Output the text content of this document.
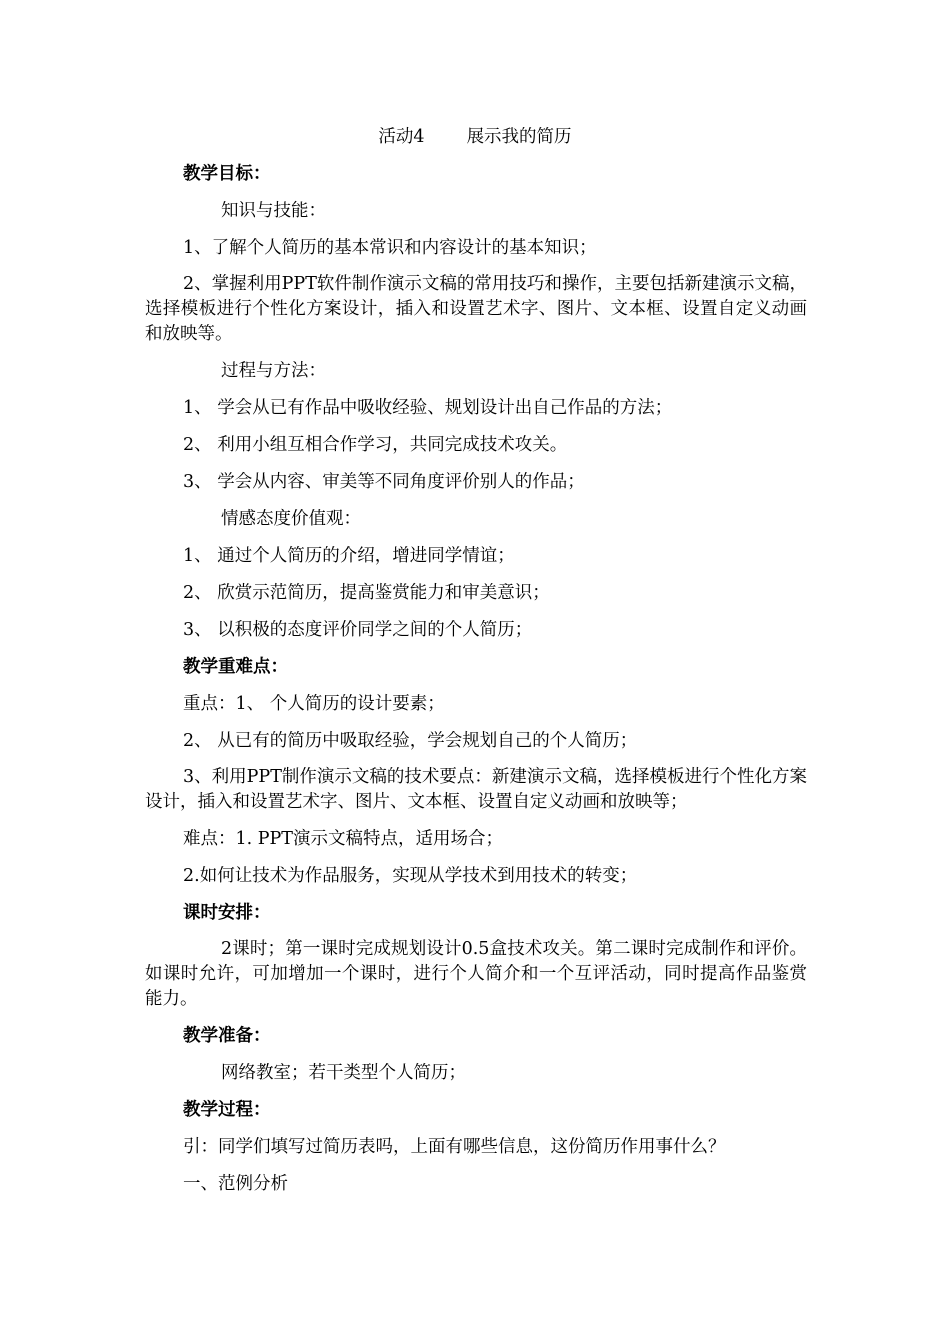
活动4 展示我的简历
教学目标：
知识与技能：
1、了解个人简历的基本常识和内容设计的基本知识；
2、掌握利用PPT软件制作演示文稿的常用技巧和操作，主要包括新建演示文稿，选择模板进行个性化方案设计，插入和设置艺术字、图片、文本框、设置自定义动画和放映等。
过程与方法：
1、 学会从已有作品中吸收经验、规划设计出自己作品的方法；
2、 利用小组互相合作学习，共同完成技术攻关。
3、 学会从内容、审美等不同角度评价别人的作品；
情感态度价值观：
1、 通过个人简历的介绍，增进同学情谊；
2、 欣赏示范简历，提高鉴赏能力和审美意识；
3、 以积极的态度评价同学之间的个人简历；
教学重难点：
重点：1、 个人简历的设计要素；
2、 从已有的简历中吸取经验，学会规划自己的个人简历；
3、利用PPT制作演示文稿的技术要点：新建演示文稿，选择模板进行个性化方案设计，插入和设置艺术字、图片、文本框、设置自定义动画和放映等；
难点：1. PPT演示文稿特点，适用场合；
2.如何让技术为作品服务，实现从学技术到用技术的转变；
课时安排：
2课时；第一课时完成规划设计0.5盒技术攻关。第二课时完成制作和评价。如课时允许，可加增加一个课时，进行个人简介和一个互评活动，同时提高作品鉴赏能力。
教学准备：
网络教室；若干类型个人简历；
教学过程：
引：同学们填写过简历表吗，上面有哪些信息，这份简历作用事什么？
一、范例分析
